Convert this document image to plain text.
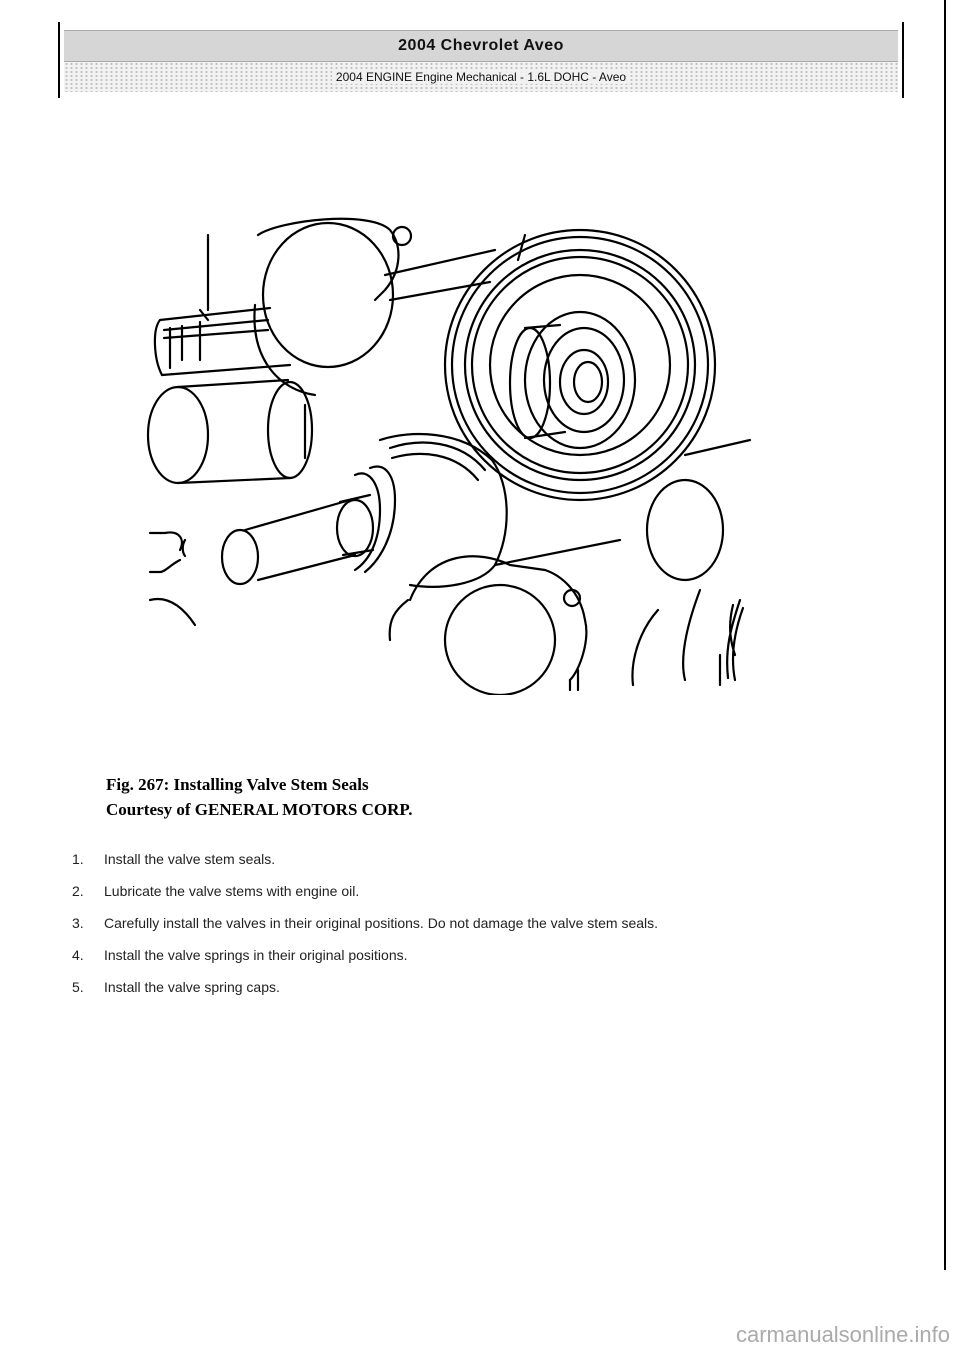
2004 Chevrolet Aveo
2004 ENGINE Engine Mechanical - 1.6L DOHC - Aveo
Fig. 267: Installing Valve Stem Seals
Courtesy of GENERAL MOTORS CORP.
1. Install the valve stem seals.
2. Lubricate the valve stems with engine oil.
3. Carefully install the valves in their original positions. Do not damage the valve stem seals.
4. Install the valve springs in their original positions.
5. Install the valve spring caps.
carmanualsonline.info
